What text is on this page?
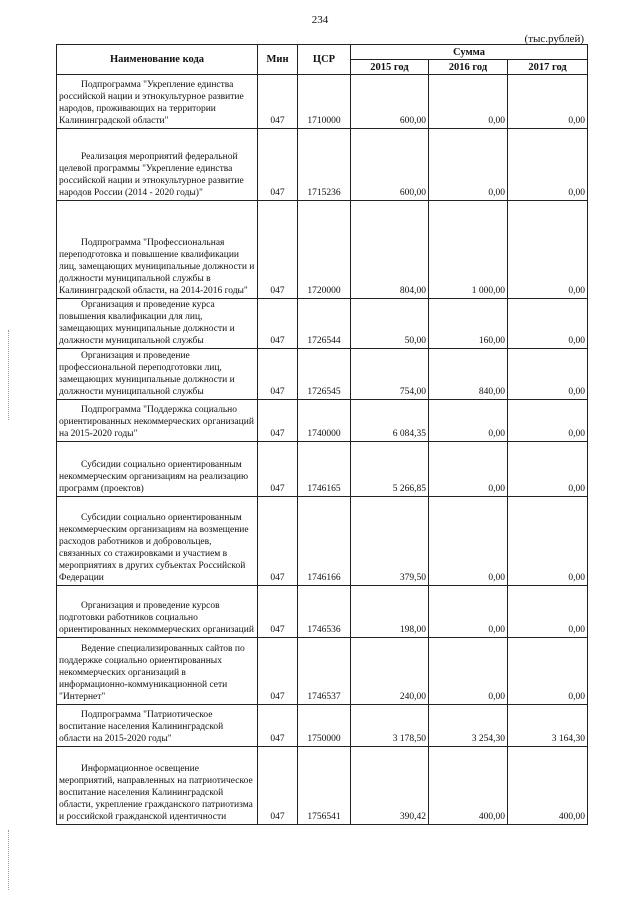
234
(тыс.рублей)
Наименование кода	Мин	ЦСР	Сумма		
			2015 год	2016 год	2017 год

Подпрограмма "Укрепление единства российской нации и этнокультурное развитие народов, проживающих на территории Калининградской области"	047	1710000	600,00	0,00	0,00

Реализация мероприятий федеральной целевой программы "Укрепление единства российской нации и этнокультурное развитие народов России (2014 - 2020 годы)"	047	1715236	600,00	0,00	0,00

Подпрограмма "Профессиональная переподготовка и повышение квалификации лиц, замещающих муниципальные должности и должности муниципальной службы в Калининградской области, на 2014-2016 годы"	047	1720000	804,00	1 000,00	0,00

Организация и проведение курса повышения квалификации для лиц, замещающих муниципальные должности и должности муниципальной службы	047	1726544	50,00	160,00	0,00

Организация и проведение профессиональной переподготовки лиц, замещающих муниципальные должности и должности муниципальной службы	047	1726545	754,00	840,00	0,00

Подпрограмма "Поддержка социально ориентированных некоммерческих организаций на 2015-2020 годы"	047	1740000	6 084,35	0,00	0,00

Субсидии социально ориентированным некоммерческим организациям на реализацию программ (проектов)	047	1746165	5 266,85	0,00	0,00

Субсидии социально ориентированным некоммерческим организациям на возмещение расходов работников и добровольцев, связанных со стажировками и участием в мероприятиях в других субъектах Российской Федерации	047	1746166	379,50	0,00	0,00

Организация и проведение курсов подготовки работников социально ориентированных некоммерческих организаций	047	1746536	198,00	0,00	0,00

Ведение специализированных сайтов по поддержке социально ориентированных некоммерческих организаций в информационно-коммуникационной сети "Интернет"	047	1746537	240,00	0,00	0,00

Подпрограмма "Патриотическое воспитание населения Калининградской области на 2015-2020 годы"	047	1750000	3 178,50	3 254,30	3 164,30

Информационное освещение мероприятий, направленных на патриотическое воспитание населения Калининградской области, укрепление гражданского патриотизма и российской гражданской идентичности	047	1756541	390,42	400,00	400,00
